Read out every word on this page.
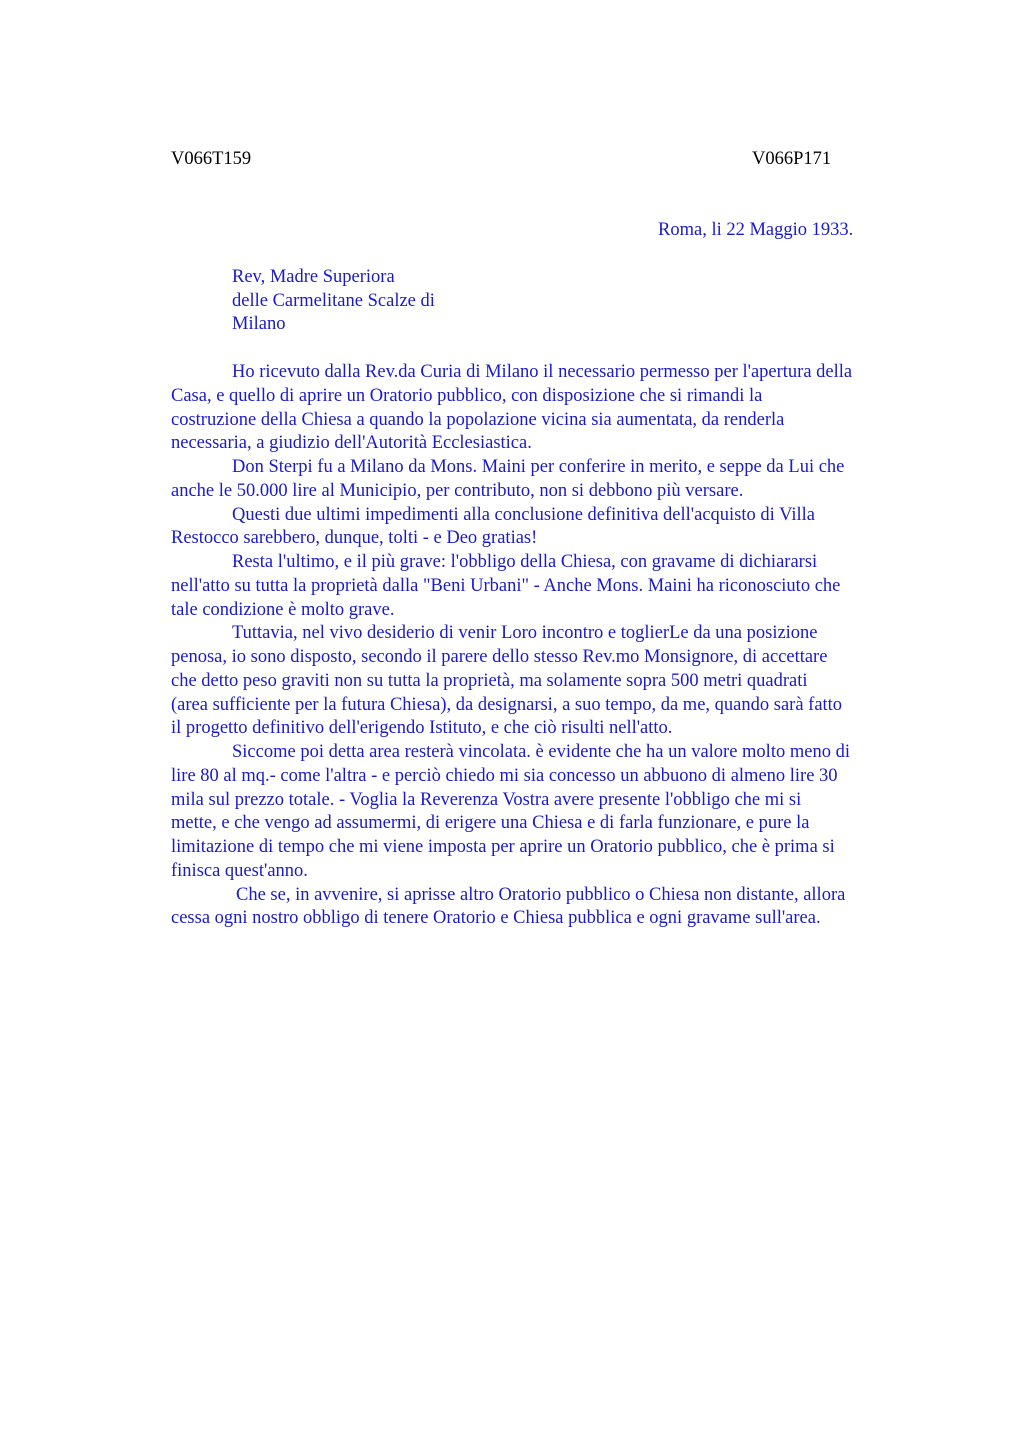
V066T159	V066P171
Roma, li 22 Maggio 1933.
Rev, Madre Superiora
delle Carmelitane Scalze di
Milano
Ho ricevuto dalla Rev.da Curia di Milano il necessario permesso per l'apertura della
Casa, e quello di aprire un Oratorio pubblico, con disposizione che si rimandi la
costruzione della Chiesa a quando la popolazione vicina sia aumentata, da renderla
necessaria, a giudizio dell'Autorità Ecclesiastica.
Don Sterpi fu a Milano da Mons. Maini per conferire in merito, e seppe da Lui che
anche le 50.000 lire al Municipio, per contributo, non si debbono più versare.
Questi due ultimi impedimenti alla conclusione definitiva dell'acquisto di Villa
Restocco sarebbero, dunque, tolti - e Deo gratias!
Resta l'ultimo, e il più grave: l'obbligo della Chiesa, con gravame di dichiararsi
nell'atto su tutta la proprietà dalla "Beni Urbani" - Anche Mons. Maini ha riconosciuto che
tale condizione è molto grave.
Tuttavia, nel vivo desiderio di venir Loro incontro e toglierLe da una posizione
penosa, io sono disposto, secondo il parere dello stesso Rev.mo Monsignore, di accettare
che detto peso graviti non su tutta la proprietà, ma solamente sopra 500 metri quadrati
(area sufficiente per la futura Chiesa), da designarsi, a suo tempo, da me, quando sarà fatto
il progetto definitivo dell'erigendo Istituto, e che ciò risulti nell'atto.
Siccome poi detta area resterà vincolata. è evidente che ha un valore molto meno di
lire 80 al mq.- come l'altra - e perciò chiedo mi sia concesso un abbuono di almeno lire 30
mila sul prezzo totale. - Voglia la Reverenza Vostra avere presente l'obbligo che mi si
mette, e che vengo ad assumermi, di erigere una Chiesa e di farla funzionare, e pure la
limitazione di tempo che mi viene imposta per aprire un Oratorio pubblico, che è prima si
finisca quest'anno.
Che se, in avvenire, si aprisse altro Oratorio pubblico o Chiesa non distante, allora
cessa ogni nostro obbligo di tenere Oratorio e Chiesa pubblica e ogni gravame sull'area.
